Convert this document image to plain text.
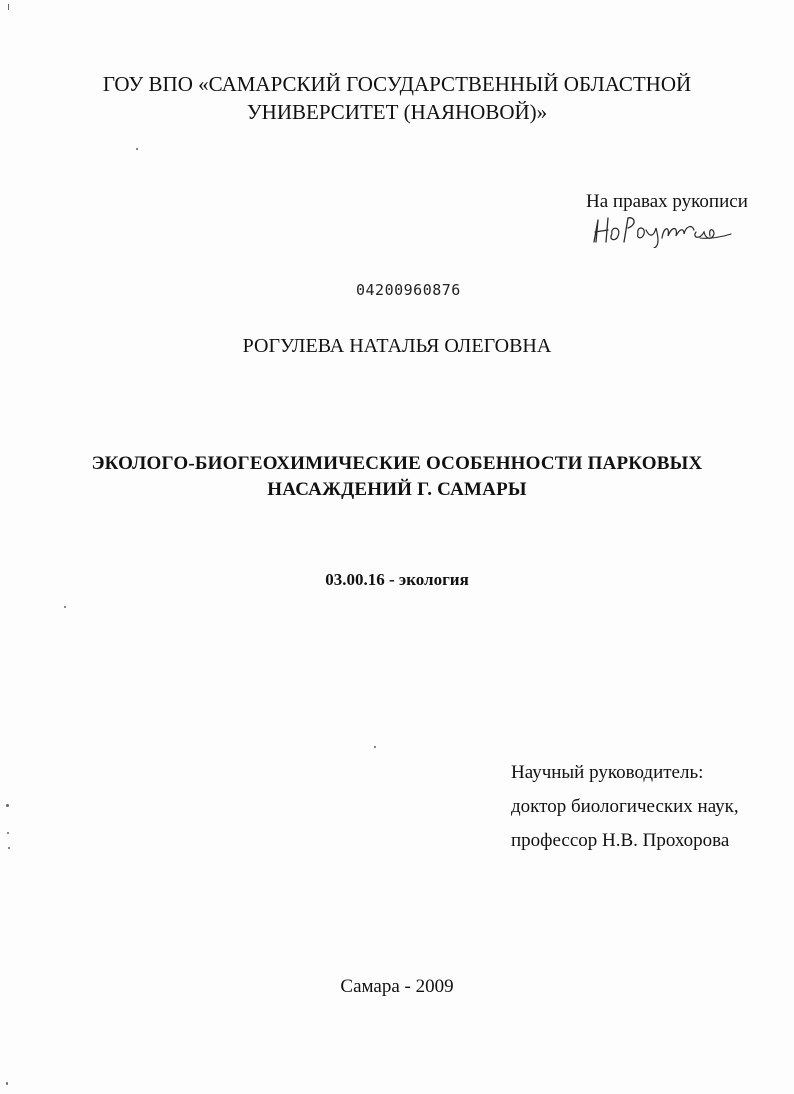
ГОУ ВПО «САМАРСКИЙ ГОСУДАРСТВЕННЫЙ ОБЛАСТНОЙ
УНИВЕРСИТЕТ (НАЯНОВОЙ)»
На правах рукописи
04200960876
РОГУЛЕВА НАТАЛЬЯ ОЛЕГОВНА
ЭКОЛОГО-БИОГЕОХИМИЧЕСКИЕ ОСОБЕННОСТИ ПАРКОВЫХ
НАСАЖДЕНИЙ Г. САМАРЫ
03.00.16 - экология
Научный руководитель:
доктор биологических наук,
профессор Н.В. Прохорова
Самара - 2009
